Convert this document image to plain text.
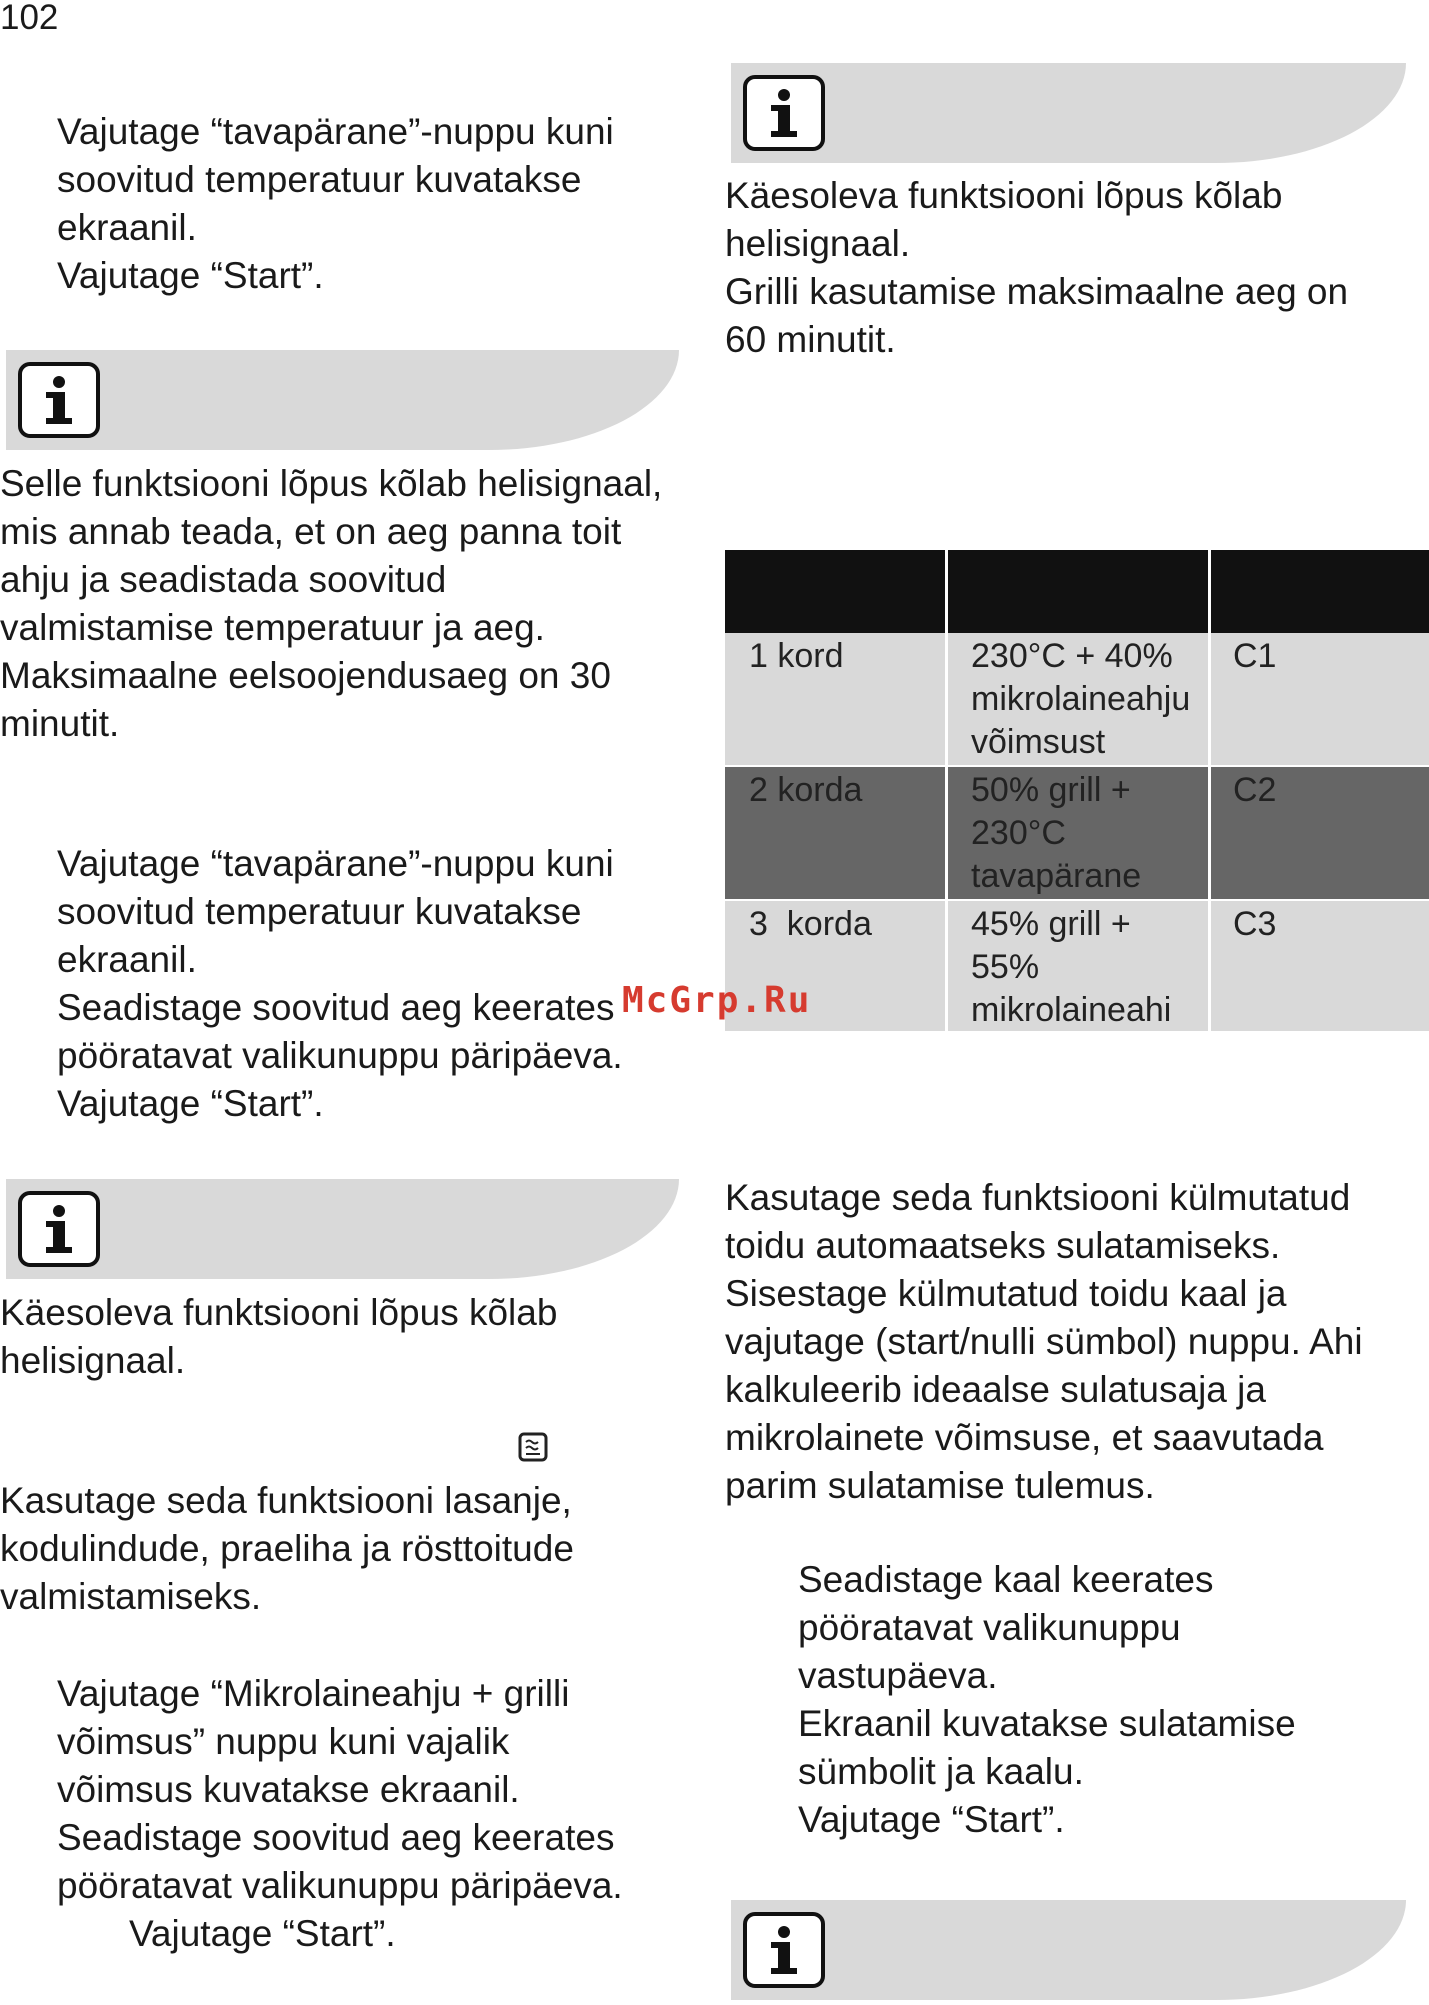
102
Vajutage “tavapärane”-nuppu kuni
soovitud temperatuur kuvatakse
ekraanil.
Vajutage “Start”.
Selle funktsiooni lõpus kõlab helisignaal,
mis annab teada, et on aeg panna toit
ahju ja seadistada soovitud
valmistamise temperatuur ja aeg.
Maksimaalne eelsoojendusaeg on 30
minutit.
Vajutage “tavapärane”-nuppu kuni
soovitud temperatuur kuvatakse
ekraanil.
Seadistage soovitud aeg keerates
pööratavat valikunuppu päripäeva.
Vajutage “Start”.
Käesoleva funktsiooni lõpus kõlab
helisignaal.
Kasutage seda funktsiooni lasanje,
kodulindude, praeliha ja rösttoitude
valmistamiseks.
Vajutage “Mikrolaineahju + grilli
võimsus” nuppu kuni vajalik
võimsus kuvatakse ekraanil.
Seadistage soovitud aeg keerates
pööratavat valikunuppu päripäeva.
Vajutage “Start”.
Käesoleva funktsiooni lõpus kõlab
helisignaal.
Grilli kasutamise maksimaalne aeg on
60 minutit.
1 kord	230°C + 40%
mikrolaineahju
võimsust
C1
2 korda	50% grill +
230°C
tavapärane
C2
3  korda	45% grill +
55%
mikrolaineahi
C3
Kasutage seda funktsiooni külmutatud
toidu automaatseks sulatamiseks.
Sisestage külmutatud toidu kaal ja
vajutage (start/nulli sümbol) nuppu. Ahi
kalkuleerib ideaalse sulatusaja ja
mikrolainete võimsuse, et saavutada
parim sulatamise tulemus.
Seadistage kaal keerates
pööratavat valikunuppu
vastupäeva.
Ekraanil kuvatakse sulatamise
sümbolit ja kaalu.
Vajutage “Start”.
McGrp.Ru
